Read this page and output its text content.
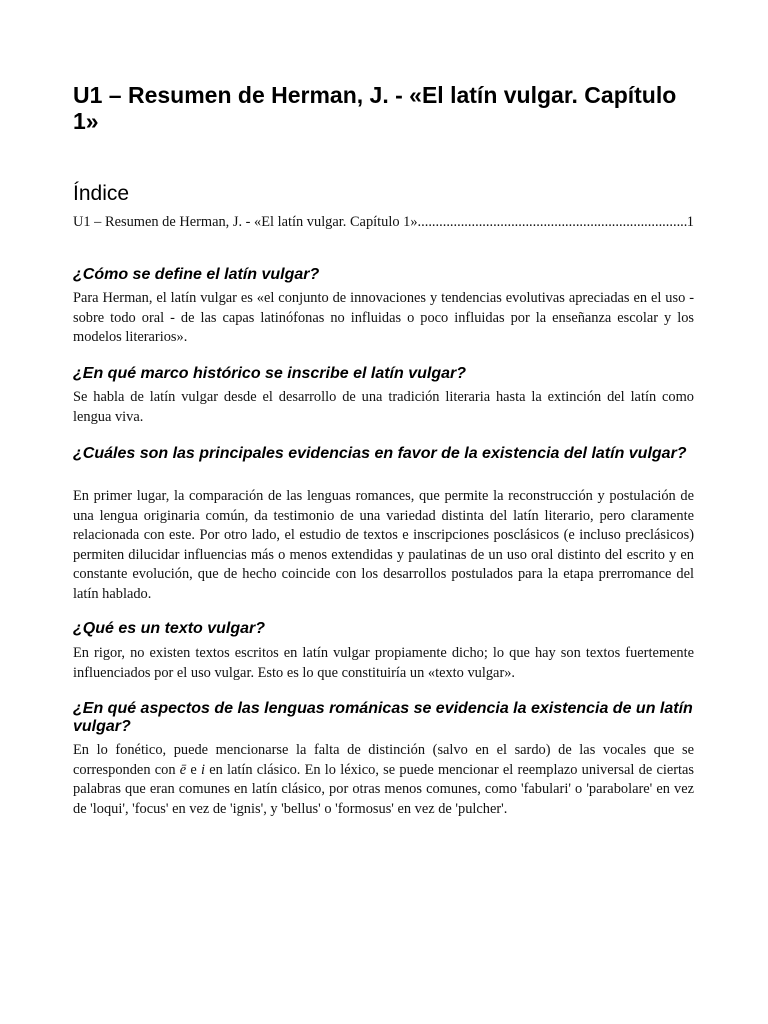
U1 – Resumen de Herman, J. - «El latín vulgar. Capítulo 1»
Índice
U1 – Resumen de Herman, J. - «El latín vulgar. Capítulo 1»
.....	1
¿Cómo se define el latín vulgar?

Para Herman, el latín vulgar es «el conjunto de innovaciones y tendencias evolutivas apreciadas en el uso - sobre todo oral - de las capas latinófonas no influidas o poco influidas por la enseñanza escolar y los modelos literarios».

¿En qué marco histórico se inscribe el latín vulgar?

Se habla de latín vulgar desde el desarrollo de una tradición literaria hasta la extinción del latín como lengua viva.

¿Cuáles son las principales evidencias en favor de la existencia del latín vulgar?

En primer lugar, la comparación de las lenguas romances, que permite la reconstrucción y postulación de una lengua originaria común, da testimonio de una variedad distinta del latín literario, pero claramente relacionada con este. Por otro lado, el estudio de textos e inscripciones posclásicos (e incluso preclásicos) permiten dilucidar influencias más o menos extendidas y paulatinas de un uso oral distinto del escrito y en constante evolución, que de hecho coincide con los desarrollos postulados para la etapa prerromance del latín hablado.

¿Qué es un texto vulgar?

En rigor, no existen textos escritos en latín vulgar propiamente dicho; lo que hay son textos fuertemente influenciados por el uso vulgar. Esto es lo que constituiría un «texto vulgar».

¿En qué aspectos de las lenguas románicas se evidencia la existencia de un latín vulgar?

En lo fonético, puede mencionarse la falta de distinción (salvo en el sardo) de las vocales que se corresponden con ē e i en latín clásico. En lo léxico, se puede mencionar el reemplazo universal de ciertas palabras que eran comunes en latín clásico, por otras menos comunes, como 'fabulari' o 'parabolare' en vez de 'loqui', 'focus' en vez de 'ignis', y 'bellus' o 'formosus' en vez de 'pulcher'.
